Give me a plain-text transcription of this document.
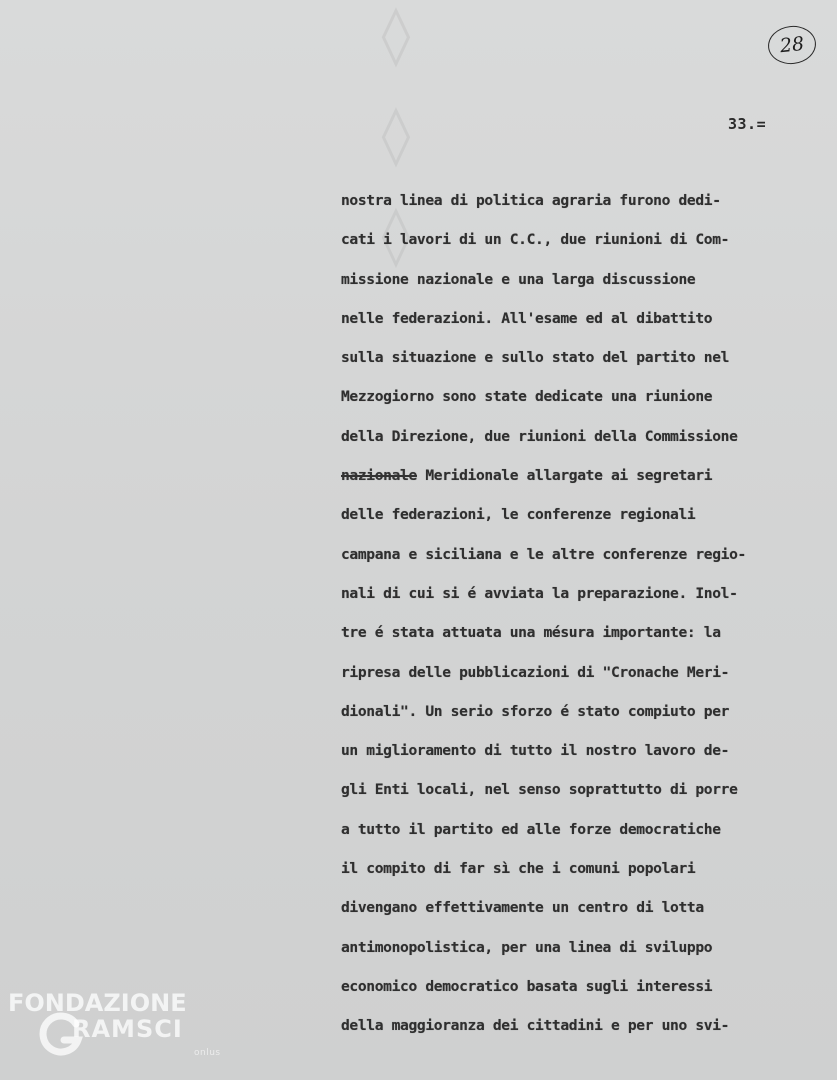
◊ ◊ ◊	28
33.=
nostra linea di politica agraria furono dedi-
cati i lavori di un C.C., due riunioni di Com-
missione nazionale e una larga discussione
nelle federazioni. All'esame ed al dibattito
sulla situazione e sullo stato del partito nel
Mezzogiorno sono state dedicate una riunione
della Direzione, due riunioni della Commissione
nazionale Meridionale allargate ai segretari
delle federazioni, le conferenze regionali
campana e siciliana e le altre conferenze regio-
nali di cui si é avviata la preparazione. Inol-
tre é stata attuata una mésura importante: la
ripresa delle pubblicazioni di "Cronache Meri-
dionali". Un serio sforzo é stato compiuto per
un miglioramento di tutto il nostro lavoro de-
gli Enti locali, nel senso soprattutto di porre
a tutto il partito ed alle forze democratiche
il compito di far sì che i comuni popolari
divengano effettivamente un centro di lotta
antimonopolistica, per una linea di sviluppo
economico democratico basata sugli interessi
della maggioranza dei cittadini e per uno svi-
FONDAZIONE
RAMSCI
onlus
